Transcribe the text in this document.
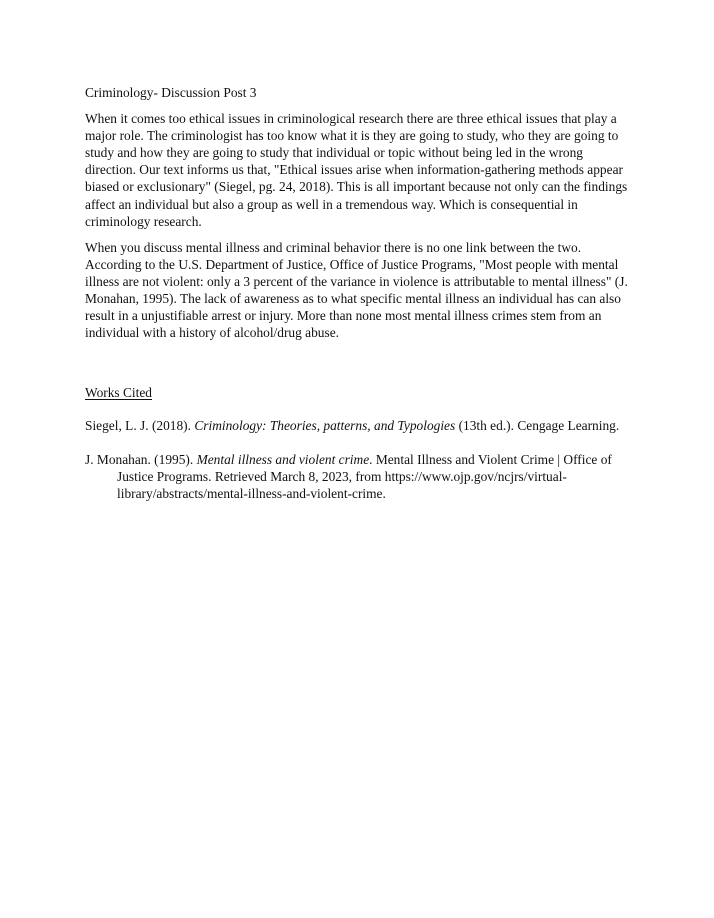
Criminology- Discussion Post 3

When it comes too ethical issues in criminological research there are three ethical issues that play a major role. The criminologist has too know what it is they are going to study, who they are going to study and how they are going to study that individual or topic without being led in the wrong direction. Our text informs us that, "Ethical issues arise when information-gathering methods appear biased or exclusionary" (Siegel, pg. 24, 2018). This is all important because not only can the findings affect an individual but also a group as well in a tremendous way. Which is consequential in criminology research.

When you discuss mental illness and criminal behavior there is no one link between the two. According to the U.S. Department of Justice, Office of Justice Programs, "Most people with mental illness are not violent: only a 3 percent of the variance in violence is attributable to mental illness" (J. Monahan, 1995). The lack of awareness as to what specific mental illness an individual has can also result in a unjustifiable arrest or injury. More than none most mental illness crimes stem from an individual with a history of alcohol/drug abuse.

Works Cited

Siegel, L. J. (2018). Criminology: Theories, patterns, and Typologies (13th ed.). Cengage Learning.

J. Monahan. (1995). Mental illness and violent crime. Mental Illness and Violent Crime | Office of Justice Programs. Retrieved March 8, 2023, from https://www.ojp.gov/ncjrs/virtual-library/abstracts/mental-illness-and-violent-crime.
